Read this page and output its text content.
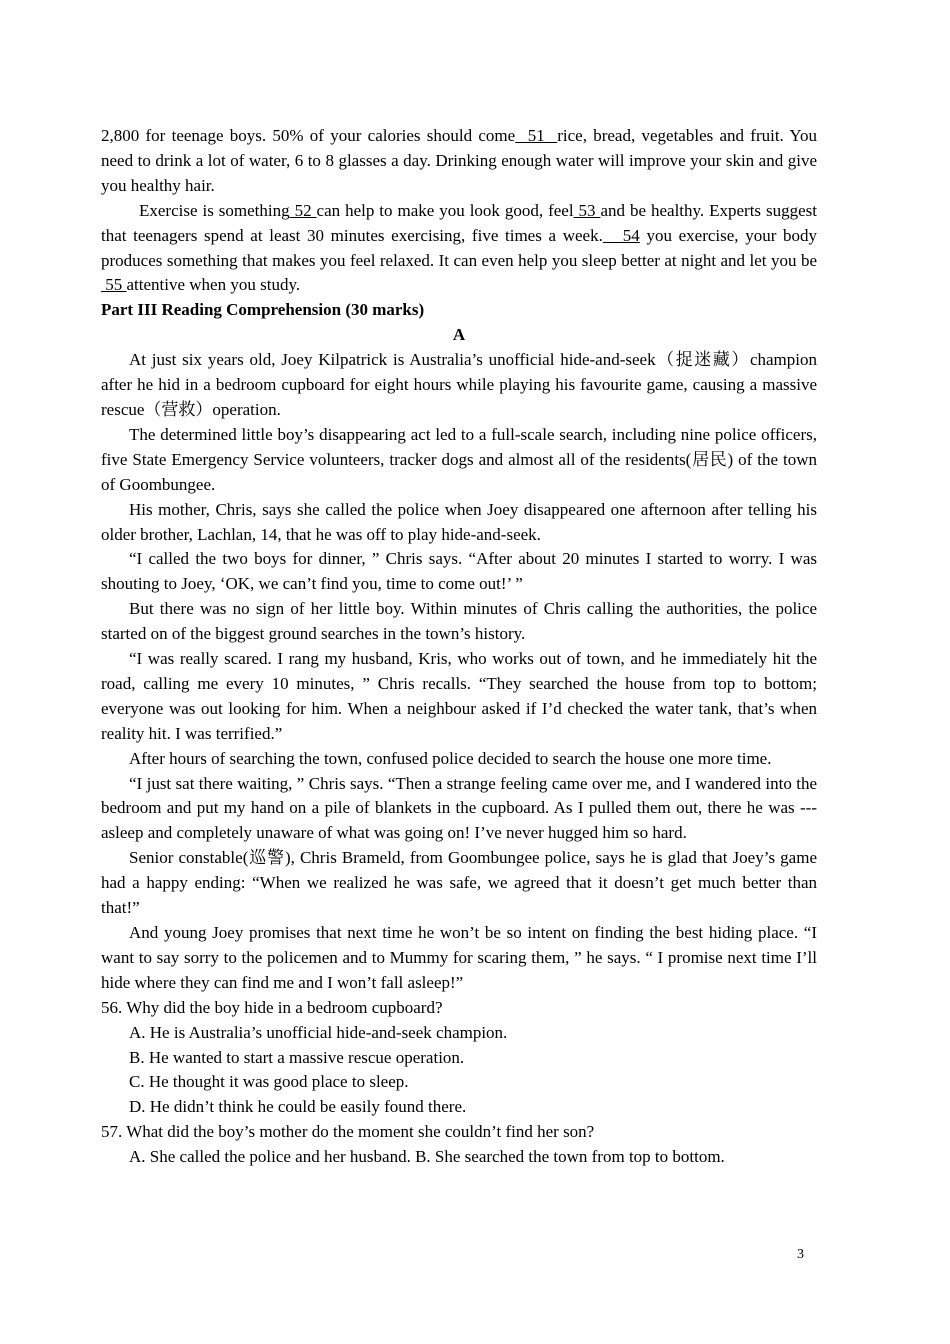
2,800 for teenage boys. 50% of your calories should come  51  rice, bread, vegetables and fruit. You need to drink a lot of water, 6 to 8 glasses a day. Drinking enough water will improve your skin and give you healthy hair.

Exercise is something 52 can help to make you look good, feel 53 and be healthy. Experts suggest that teenagers spend at least 30 minutes exercising, five times a week.   54 you exercise, your body produces something that makes you feel relaxed. It can even help you sleep better at night and let you be 55 attentive when you study.

Part III Reading Comprehension (30 marks)

A

At just six years old, Joey Kilpatrick is Australia’s unofficial hide-and-seek（捉迷藏）champion after he hid in a bedroom cupboard for eight hours while playing his favourite game, causing a massive rescue（营救）operation.

The determined little boy’s disappearing act led to a full-scale search, including nine police officers, five State Emergency Service volunteers, tracker dogs and almost all of the residents(居民) of the town of Goombungee.

His mother, Chris, says she called the police when Joey disappeared one afternoon after telling his older brother, Lachlan, 14, that he was off to play hide-and-seek.

“I called the two boys for dinner, ” Chris says. “After about 20 minutes I started to worry. I was shouting to Joey, ‘OK, we can’t find you, time to come out!’ ”

But there was no sign of her little boy. Within minutes of Chris calling the authorities, the police started on of the biggest ground searches in the town’s history.

“I was really scared. I rang my husband, Kris, who works out of town, and he immediately hit the road, calling me every 10 minutes, ” Chris recalls. “They searched the house from top to bottom; everyone was out looking for him. When a neighbour asked if I’d checked the water tank, that’s when reality hit. I was terrified.”

After hours of searching the town, confused police decided to search the house one more time.

“I just sat there waiting, ” Chris says. “Then a strange feeling came over me, and I wandered into the bedroom and put my hand on a pile of blankets in the cupboard. As I pulled them out, there he was --- asleep and completely unaware of what was going on! I’ve never hugged him so hard.

Senior constable(巡警), Chris Brameld, from Goombungee police, says he is glad that Joey’s game had a happy ending: “When we realized he was safe, we agreed that it doesn’t get much better than that!”

And young Joey promises that next time he won’t be so intent on finding the best hiding place. “I want to say sorry to the policemen and to Mummy for scaring them, ” he says. “ I promise next time I’ll hide where they can find me and I won’t fall asleep!”

56. Why did the boy hide in a bedroom cupboard?

A. He is Australia’s unofficial hide-and-seek champion.

B. He wanted to start a massive rescue operation.

C. He thought it was good place to sleep.

D. He didn’t think he could be easily found there.

57. What did the boy’s mother do the moment she couldn’t find her son?

A. She called the police and her husband. B. She searched the town from top to bottom.

3
